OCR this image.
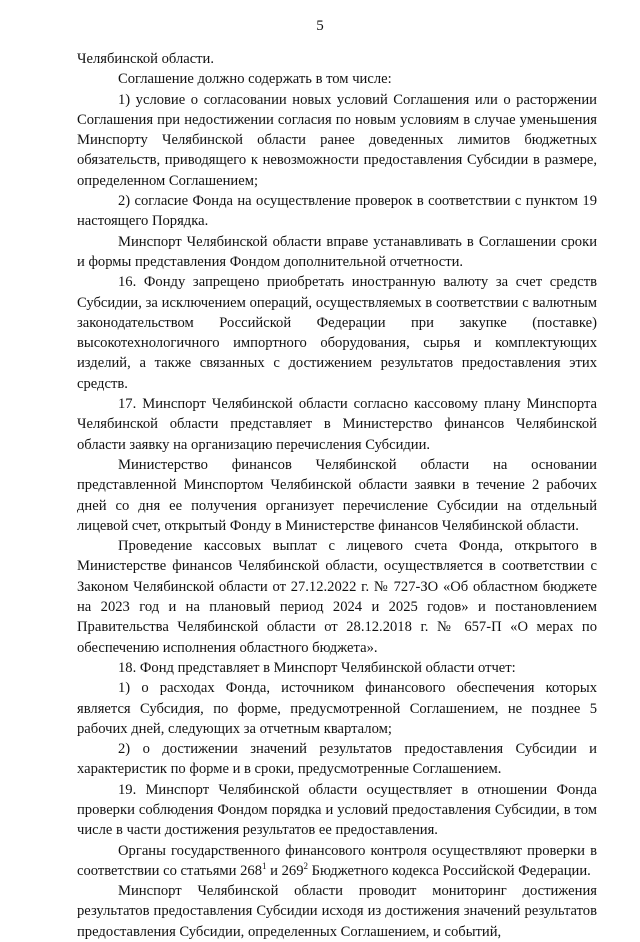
5

Челябинской области.

Соглашение должно содержать в том числе:

1) условие о согласовании новых условий Соглашения или о расторжении Соглашения при недостижении согласия по новым условиям в случае уменьшения Минспорту Челябинской области ранее доведенных лимитов бюджетных обязательств, приводящего к невозможности предоставления Субсидии в размере, определенном Соглашением;

2) согласие Фонда на осуществление проверок в соответствии с пунктом 19 настоящего Порядка.

Минспорт Челябинской области вправе устанавливать в Соглашении сроки и формы представления Фондом дополнительной отчетности.

16. Фонду запрещено приобретать иностранную валюту за счет средств Субсидии, за исключением операций, осуществляемых в соответствии с валютным законодательством Российской Федерации при закупке (поставке) высокотехнологичного импортного оборудования, сырья и комплектующих изделий, а также связанных с достижением результатов предоставления этих средств.

17. Минспорт Челябинской области согласно кассовому плану Минспорта Челябинской области представляет в Министерство финансов Челябинской области заявку на организацию перечисления Субсидии.

Министерство финансов Челябинской области на основании представленной Минспортом Челябинской области заявки в течение 2 рабочих дней со дня ее получения организует перечисление Субсидии на отдельный лицевой счет, открытый Фонду в Министерстве финансов Челябинской области.

Проведение кассовых выплат с лицевого счета Фонда, открытого в Министерстве финансов Челябинской области, осуществляется в соответствии с Законом Челябинской области от 27.12.2022 г. № 727-ЗО «Об областном бюджете на 2023 год и на плановый период 2024 и 2025 годов» и постановлением Правительства Челябинской области от 28.12.2018 г. № 657-П «О мерах по обеспечению исполнения областного бюджета».

18. Фонд представляет в Минспорт Челябинской области отчет:

1) о расходах Фонда, источником финансового обеспечения которых является Субсидия, по форме, предусмотренной Соглашением, не позднее 5 рабочих дней, следующих за отчетным кварталом;

2) о достижении значений результатов предоставления Субсидии и характеристик по форме и в сроки, предусмотренные Соглашением.

19. Минспорт Челябинской области осуществляет в отношении Фонда проверки соблюдения Фондом порядка и условий предоставления Субсидии, в том числе в части достижения результатов ее предоставления.

Органы государственного финансового контроля осуществляют проверки в соответствии со статьями $268^1$ и $269^2$ Бюджетного кодекса Российской Федерации.

Минспорт Челябинской области проводит мониторинг достижения результатов предоставления Субсидии исходя из достижения значений результатов предоставления Субсидии, определенных Соглашением, и событий,
